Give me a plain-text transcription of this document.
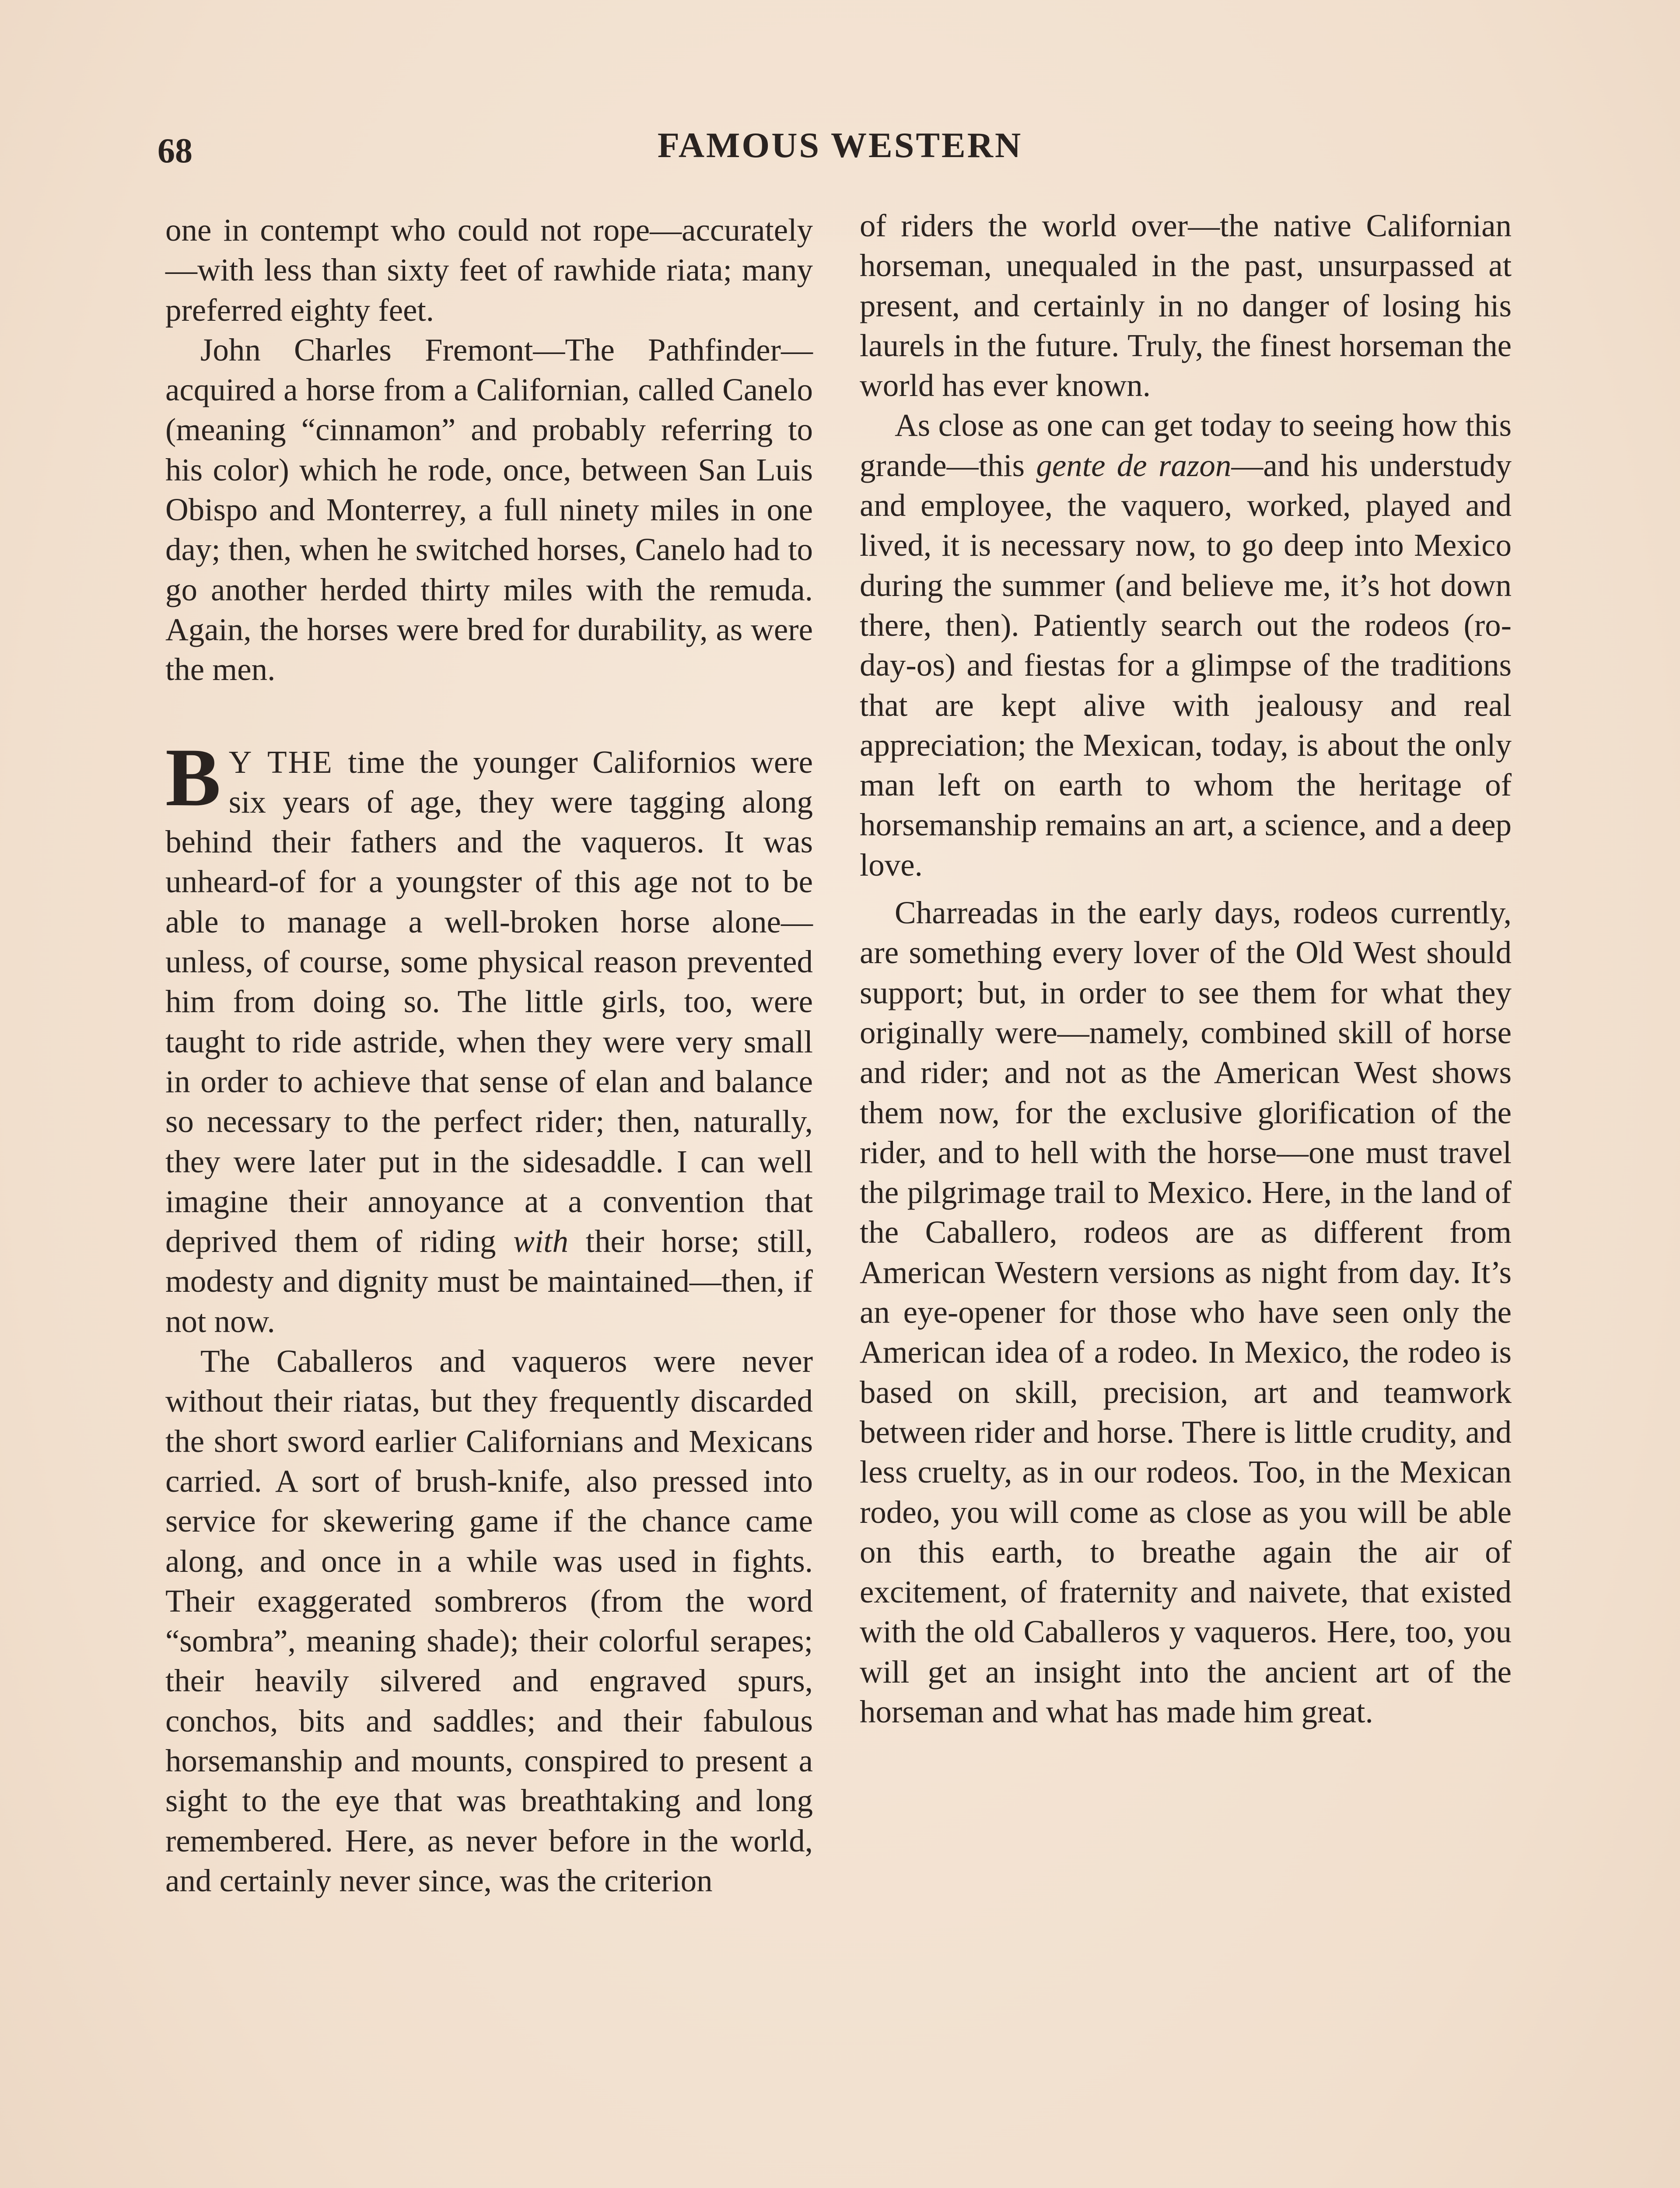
68	FAMOUS WESTERN

one in contempt who could not rope—accurately—with less than sixty feet of rawhide riata; many preferred eighty feet.

John Charles Fremont—The Pathfinder—acquired a horse from a Californian, called Canelo (meaning “cinnamon” and probably referring to his color) which he rode, once, between San Luis Obispo and Monterrey, a full ninety miles in one day; then, when he switched horses, Canelo had to go another herded thirty miles with the remuda. Again, the horses were bred for durability, as were the men.

B Y THE time the younger Californios were six years of age, they were tagging along behind their fathers and the vaqueros. It was unheard-of for a youngster of this age not to be able to manage a well-broken horse alone—unless, of course, some physical reason prevented him from doing so. The little girls, too, were taught to ride astride, when they were very small in order to achieve that sense of elan and balance so necessary to the perfect rider; then, naturally, they were later put in the sidesaddle. I can well imagine their annoyance at a convention that deprived them of riding with their horse; still, modesty and dignity must be maintained—then, if not now.

The Caballeros and vaqueros were never without their riatas, but they frequently discarded the short sword earlier Californians and Mexicans carried. A sort of brush-knife, also pressed into service for skewering game if the chance came along, and once in a while was used in fights. Their exaggerated sombreros (from the word “sombra”, meaning shade); their colorful serapes; their heavily silvered and engraved spurs, conchos, bits and saddles; and their fabulous horsemanship and mounts, conspired to present a sight to the eye that was breathtaking and long remembered. Here, as never before in the world, and certainly never since, was the criterion

of riders the world over—the native Californian horseman, unequaled in the past, unsurpassed at present, and certainly in no danger of losing his laurels in the future. Truly, the finest horseman the world has ever known.

As close as one can get today to seeing how this grande—this gente de razon—and his understudy and employee, the vaquero, worked, played and lived, it is necessary now, to go deep into Mexico during the summer (and believe me, it’s hot down there, then). Patiently search out the rodeos (ro-day-os) and fiestas for a glimpse of the traditions that are kept alive with jealousy and real appreciation; the Mexican, today, is about the only man left on earth to whom the heritage of horsemanship remains an art, a science, and a deep love.

Charreadas in the early days, rodeos currently, are something every lover of the Old West should support; but, in order to see them for what they originally were—namely, combined skill of horse and rider; and not as the American West shows them now, for the exclusive glorification of the rider, and to hell with the horse—one must travel the pilgrimage trail to Mexico. Here, in the land of the Caballero, rodeos are as different from American Western versions as night from day. It’s an eye-opener for those who have seen only the American idea of a rodeo. In Mexico, the rodeo is based on skill, precision, art and teamwork between rider and horse. There is little crudity, and less cruelty, as in our rodeos. Too, in the Mexican rodeo, you will come as close as you will be able on this earth, to breathe again the air of excitement, of fraternity and naivete, that existed with the old Caballeros y vaqueros. Here, too, you will get an insight into the ancient art of the horseman and what has made him great.
